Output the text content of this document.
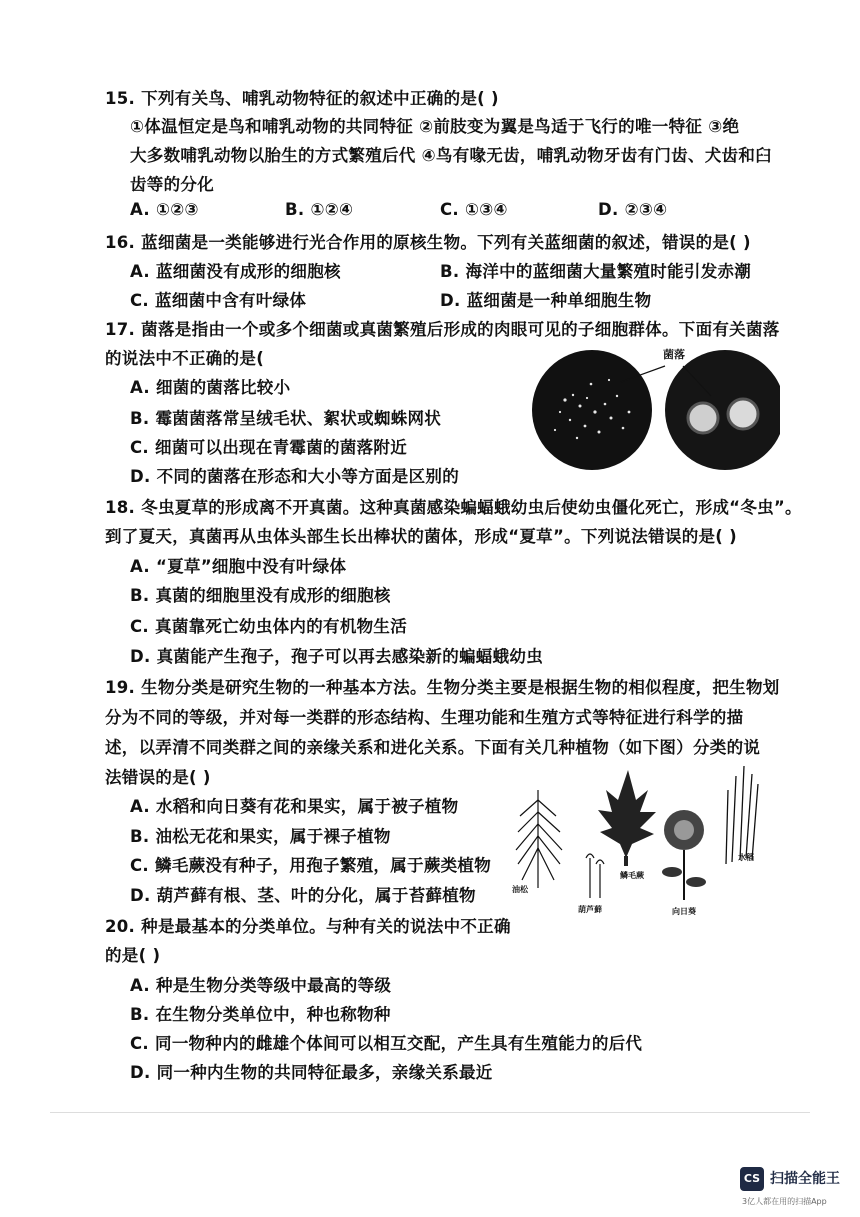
15. 下列有关鸟、哺乳动物特征的叙述中正确的是( )
①体温恒定是鸟和哺乳动物的共同特征 ②前肢变为翼是鸟适于飞行的唯一特征 ③绝
大多数哺乳动物以胎生的方式繁殖后代 ④鸟有喙无齿，哺乳动物牙齿有门齿、犬齿和臼
齿等的分化
A. ①②③	B. ①②④	C. ①③④	D. ②③④
16. 蓝细菌是一类能够进行光合作用的原核生物。下列有关蓝细菌的叙述，错误的是( )
A. 蓝细菌没有成形的细胞核	B. 海洋中的蓝细菌大量繁殖时能引发赤潮
C. 蓝细菌中含有叶绿体	D. 蓝细菌是一种单细胞生物
17. 菌落是指由一个或多个细菌或真菌繁殖后形成的肉眼可见的子细胞群体。下面有关菌落
的说法中不正确的是(
A. 细菌的菌落比较小
B. 霉菌菌落常呈绒毛状、絮状或蜘蛛网状
C. 细菌可以出现在青霉菌的菌落附近
D. 不同的菌落在形态和大小等方面是区别的
菌落
18. 冬虫夏草的形成离不开真菌。这种真菌感染蝙蝠蛾幼虫后使幼虫僵化死亡，形成“冬虫”。
到了夏天，真菌再从虫体头部生长出棒状的菌体，形成“夏草”。下列说法错误的是( )
A. “夏草”细胞中没有叶绿体
B. 真菌的细胞里没有成形的细胞核
C. 真菌靠死亡幼虫体内的有机物生活
D. 真菌能产生孢子，孢子可以再去感染新的蝙蝠蛾幼虫
19. 生物分类是研究生物的一种基本方法。生物分类主要是根据生物的相似程度，把生物划
分为不同的等级，并对每一类群的形态结构、生理功能和生殖方式等特征进行科学的描
述，以弄清不同类群之间的亲缘关系和进化关系。下面有关几种植物（如下图）分类的说
法错误的是( )
A. 水稻和向日葵有花和果实，属于被子植物
B. 油松无花和果实，属于裸子植物
C. 鳞毛蕨没有种子，用孢子繁殖，属于蕨类植物
D. 葫芦藓有根、茎、叶的分化，属于苔藓植物	油松
鳞毛蕨
水稻
葫芦藓	向日葵
20. 种是最基本的分类单位。与种有关的说法中不正确
的是( )
A. 种是生物分类等级中最高的等级
B. 在生物分类单位中，种也称物种
C. 同一物种内的雌雄个体间可以相互交配，产生具有生殖能力的后代
D. 同一种内生物的共同特征最多，亲缘关系最近
CS 扫描全能王
3亿人都在用的扫描App
